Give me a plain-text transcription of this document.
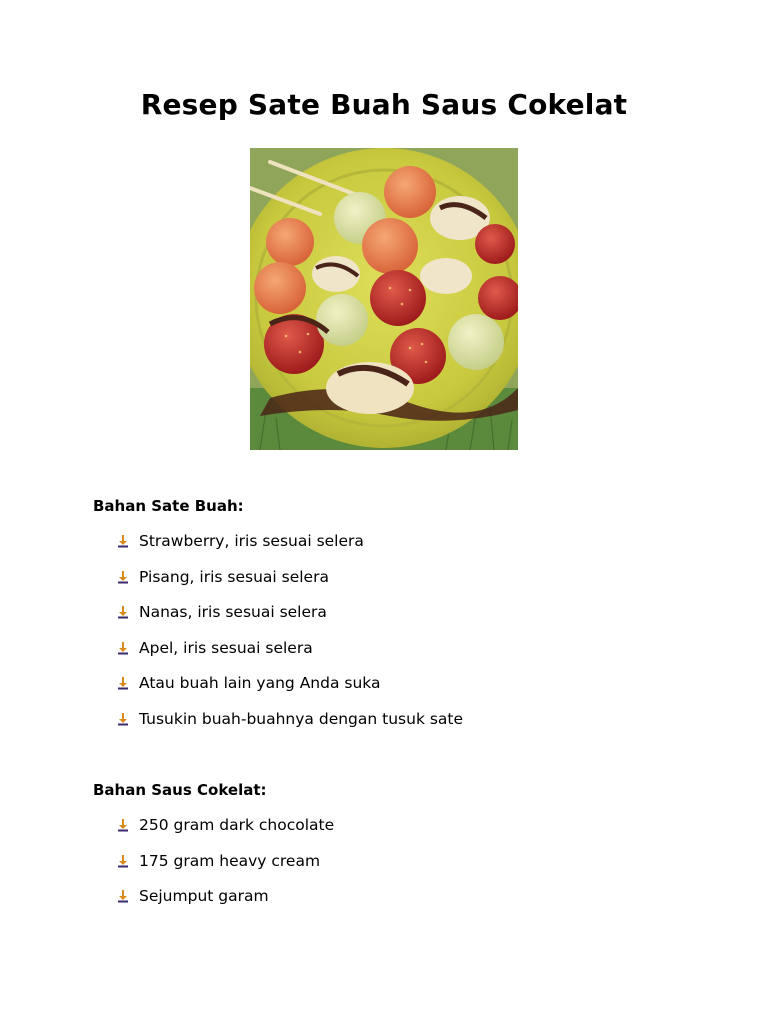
Resep Sate Buah Saus Cokelat
Bahan Sate Buah:
Strawberry, iris sesuai selera
Pisang, iris sesuai selera
Nanas, iris sesuai selera
Apel, iris sesuai selera
Atau buah lain yang Anda suka
Tusukin buah-buahnya dengan tusuk sate
Bahan Saus Cokelat:
250 gram dark chocolate
175 gram heavy cream
Sejumput garam
